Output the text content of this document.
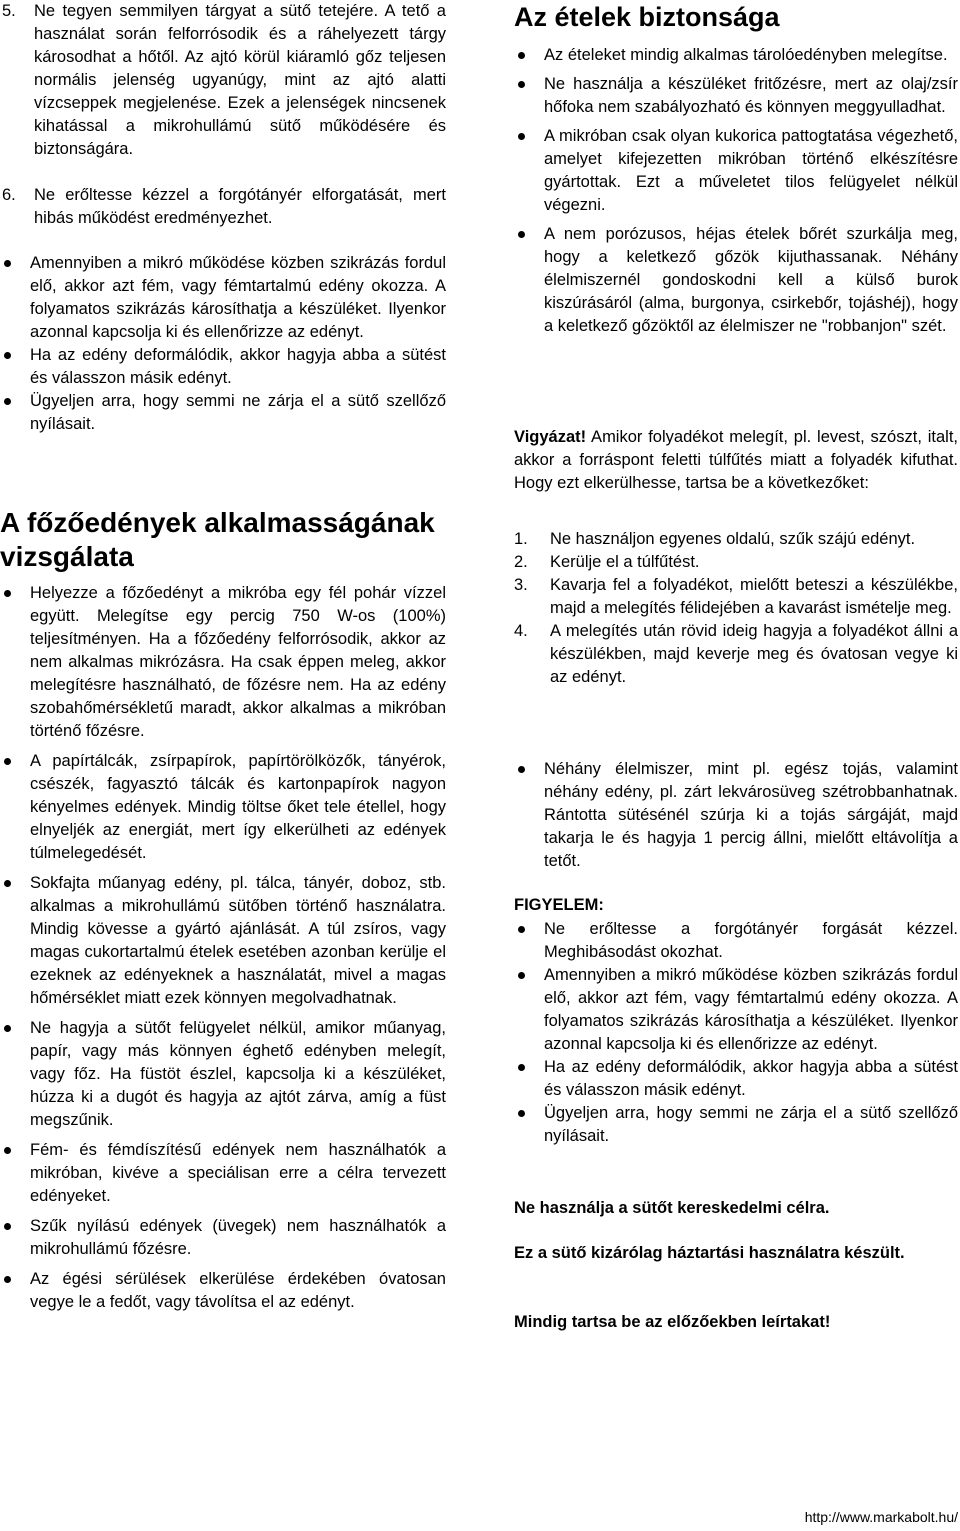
5. Ne tegyen semmilyen tárgyat a sütő tetejére. A tető a használat során felforrósodik és a ráhelyezett tárgy károsodhat a hőtől. Az ajtó körül kiáramló gőz teljesen normális jelenség ugyanúgy, mint az ajtó alatti vízcseppek megjelenése. Ezek a jelenségek nincsenek kihatással a mikrohullámú sütő működésére és biztonságára.
6. Ne erőltesse kézzel a forgótányér elforgatását, mert hibás működést eredményezhet.

Amennyiben a mikró működése közben szikrázás fordul elő, akkor azt fém, vagy fémtartalmú edény okozza. A folyamatos szikrázás károsíthatja a készüléket. Ilyenkor azonnal kapcsolja ki és ellenőrizze az edényt.

Ha az edény deformálódik, akkor hagyja abba a sütést és válasszon másik edényt.

Ügyeljen arra, hogy semmi ne zárja el a sütő szellőző nyílásait.

A főzőedények alkalmasságának vizsgálata

Helyezze a főzőedényt a mikróba egy fél pohár vízzel együtt. Melegítse egy percig 750 W-os (100%) teljesítményen. Ha a főzőedény felforrósodik, akkor az nem alkalmas mikrózásra. Ha csak éppen meleg, akkor melegítésre használható, de főzésre nem. Ha az edény szobahőmérsékletű maradt, akkor alkalmas a mikróban történő főzésre.

A papírtálcák, zsírpapírok, papírtörölközők, tányérok, csészék, fagyasztó tálcák és kartonpapírok nagyon kényelmes edények. Mindig töltse őket tele étellel, hogy elnyeljék az energiát, mert így elkerülheti az edények túlmelegedését.

Sokfajta műanyag edény, pl. tálca, tányér, doboz, stb. alkalmas a mikrohullámú sütőben történő használatra. Mindig kövesse a gyártó ajánlását. A túl zsíros, vagy magas cukortartalmú ételek esetében azonban kerülje el ezeknek az edényeknek a használatát, mivel a magas hőmérséklet miatt ezek könnyen megolvadhatnak.

Ne hagyja a sütőt felügyelet nélkül, amikor műanyag, papír, vagy más könnyen éghető edényben melegít, vagy főz. Ha füstöt észlel, kapcsolja ki a készüléket, húzza ki a dugót és hagyja az ajtót zárva, amíg a füst megszűnik.

Fém- és fémdíszítésű edények nem használhatók a mikróban, kivéve a speciálisan erre a célra tervezett edényeket.

Szűk nyílású edények (üvegek) nem használhatók a mikrohullámú főzésre.

Az égési sérülések elkerülése érdekében óvatosan vegye le a fedőt, vagy távolítsa el az edényt.

Az ételek biztonsága

Az ételeket mindig alkalmas tárolóedényben melegítse.

Ne használja a készüléket fritőzésre, mert az olaj/zsír hőfoka nem szabályozható és könnyen meggyulladhat.

A mikróban csak olyan kukorica pattogtatása végezhető, amelyet kifejezetten mikróban történő elkészítésre gyártottak. Ezt a műveletet tilos felügyelet nélkül végezni.

A nem porózusos, héjas ételek bőrét szurkálja meg, hogy a keletkező gőzök kijuthassanak. Néhány élelmiszernél gondoskodni kell a külső burok kiszúrásáról (alma, burgonya, csirkebőr, tojáshéj), hogy a keletkező gőzöktől az élelmiszer ne "robbanjon" szét.

Vigyázat! Amikor folyadékot melegít, pl. levest, szószt, italt, akkor a forráspont feletti túlfűtés miatt a folyadék kifuthat. Hogy ezt elkerülhesse, tartsa be a következőket:

1. Ne használjon egyenes oldalú, szűk szájú edényt.

2. Kerülje el a túlfűtést.

3. Kavarja fel a folyadékot, mielőtt beteszi a készülékbe, majd a melegítés félidejében a kavarást ismételje meg.

4. A melegítés után rövid ideig hagyja a folyadékot állni a készülékben, majd keverje meg és óvatosan vegye ki az edényt.

Néhány élelmiszer, mint pl. egész tojás, valamint néhány edény, pl. zárt lekvárosüveg szétrobbanhatnak. Rántotta sütésénél szúrja ki a tojás sárgáját, majd takarja le és hagyja 1 percig állni, mielőtt eltávolítja a tetőt.

FIGYELEM:

Ne erőltesse a forgótányér forgását kézzel. Meghibásodást okozhat.

Amennyiben a mikró működése közben szikrázás fordul elő, akkor azt fém, vagy fémtartalmú edény okozza. A folyamatos szikrázás károsíthatja a készüléket. Ilyenkor azonnal kapcsolja ki és ellenőrizze az edényt.

Ha az edény deformálódik, akkor hagyja abba a sütést és válasszon másik edényt.

Ügyeljen arra, hogy semmi ne zárja el a sütő szellőző nyílásait.

Ne használja a sütőt kereskedelmi célra.

Ez a sütő kizárólag háztartási használatra készült.

Mindig tartsa be az előzőekben leírtakat!

http://www.markabolt.hu/
